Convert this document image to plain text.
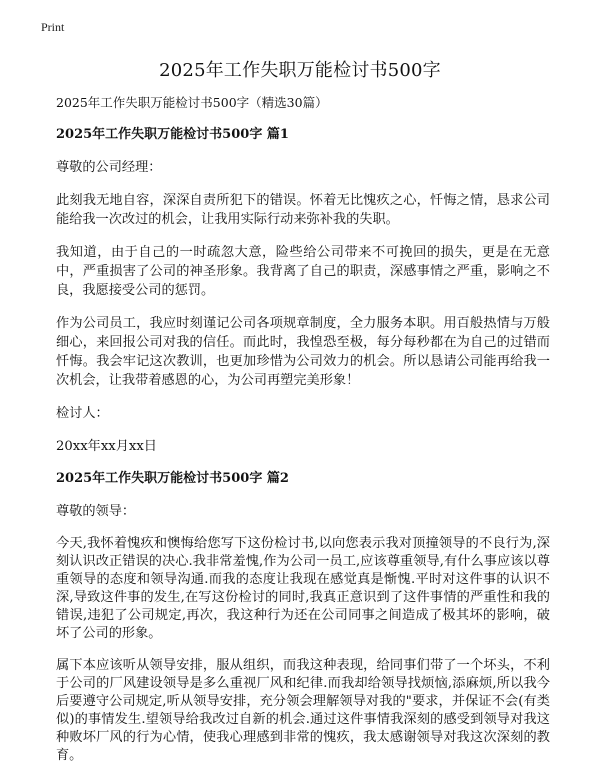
Print
2025年工作失职万能检讨书500字
2025年工作失职万能检讨书500字（精选30篇）
2025年工作失职万能检讨书500字 篇1

尊敬的公司经理：

此刻我无地自容，深深自责所犯下的错误。怀着无比愧疚之心，忏悔之情，恳求公司能给我一次改过的机会，让我用实际行动来弥补我的失职。

我知道，由于自己的一时疏忽大意，险些给公司带来不可挽回的损失，更是在无意中，严重损害了公司的神圣形象。我背离了自己的职责，深感事情之严重，影响之不良，我愿接受公司的惩罚。

作为公司员工，我应时刻谨记公司各项规章制度，全力服务本职。用百般热情与万般细心，来回报公司对我的信任。而此时，我惶恐至极，每分每秒都在为自己的过错而忏悔。我会牢记这次教训，也更加珍惜为公司效力的机会。所以恳请公司能再给我一次机会，让我带着感恩的心，为公司再塑完美形象！

检讨人：

20xx年xx月xx日

2025年工作失职万能检讨书500字 篇2

尊敬的领导：

今天,我怀着愧疚和懊悔给您写下这份检讨书,以向您表示我对顶撞领导的不良行为,深刻认识改正错误的决心.我非常羞愧,作为公司一员工,应该尊重领导,有什么事应该以尊重领导的态度和领导沟通.而我的态度让我现在感觉真是惭愧.平时对这件事的认识不深,导致这件事的发生,在写这份检讨的同时,我真正意识到了这件事情的严重性和我的错误,违犯了公司规定,再次，我这种行为还在公司同事之间造成了极其坏的影响，破坏了公司的形象。

属下本应该听从领导安排，服从组织，而我这种表现，给同事们带了一个坏头，不利于公司的厂风建设领导是多么重视厂风和纪律.而我却给领导找烦恼,添麻烦,所以我今后要遵守公司规定,听从领导安排，充分领会理解领导对我的"要求，并保证不会(有类似)的事情发生.望领导给我改过自新的机会.通过这件事情我深刻的感受到领导对我这种败坏厂风的行为心情，使我心理感到非常的愧疚，我太感谢领导对我这次深刻的教育。
